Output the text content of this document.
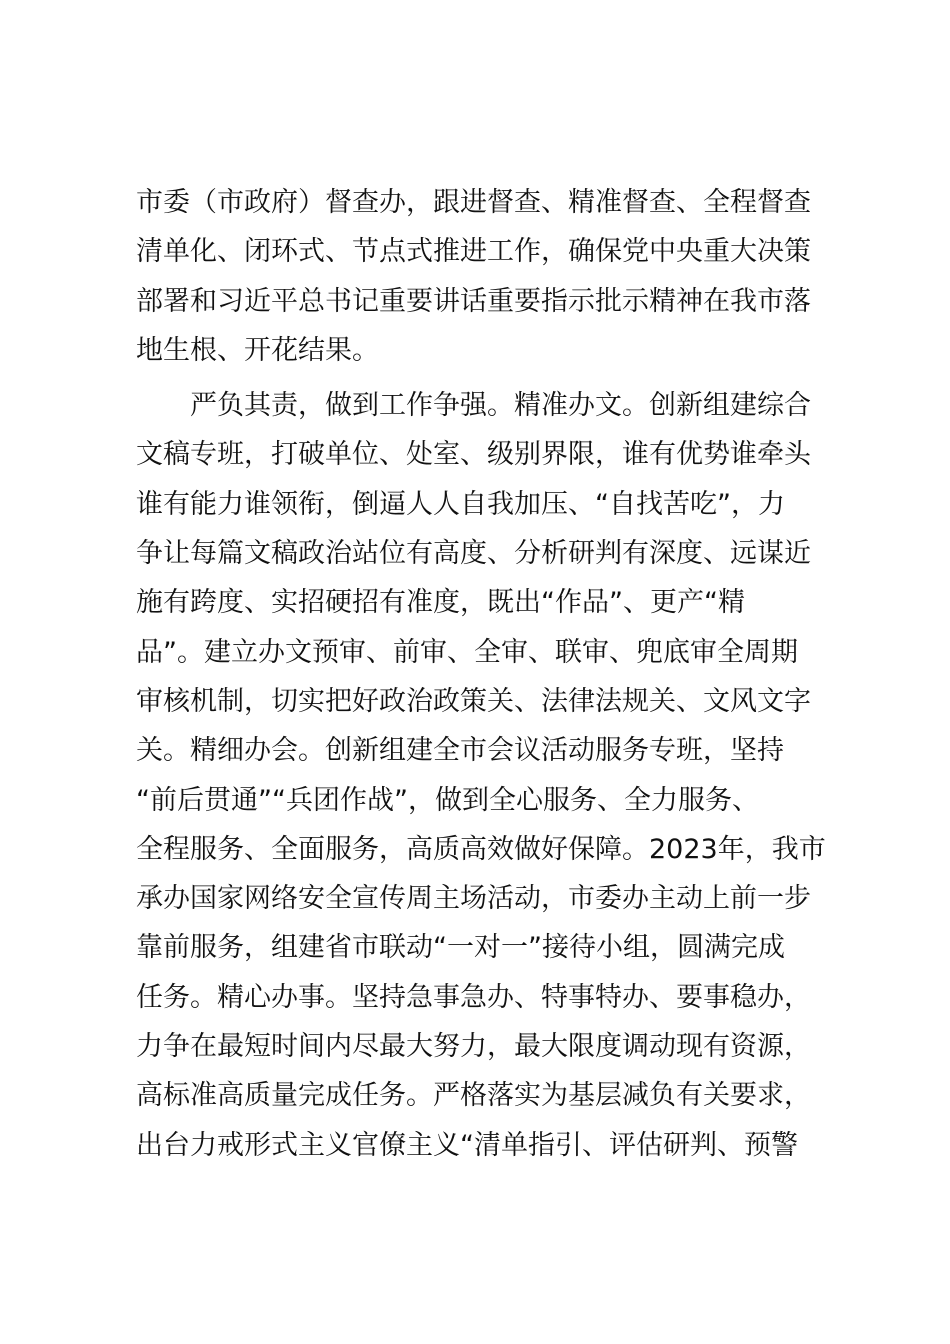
市委（市政府）督查办，跟进督查、精准督查、全程督查
清单化、闭环式、节点式推进工作，确保党中央重大决策
部署和习近平总书记重要讲话重要指示批示精神在我市落
地生根、开花结果。
　　严负其责，做到工作争强。精准办文。创新组建综合
文稿专班，打破单位、处室、级别界限，谁有优势谁牵头
谁有能力谁领衔，倒逼人人自我加压、“自找苦吃”，力
争让每篇文稿政治站位有高度、分析研判有深度、远谋近
施有跨度、实招硬招有准度，既出“作品”、更产“精
品”。建立办文预审、前审、全审、联审、兜底审全周期
审核机制，切实把好政治政策关、法律法规关、文风文字
关。精细办会。创新组建全市会议活动服务专班，坚持
“前后贯通”“兵团作战”，做到全心服务、全力服务、
全程服务、全面服务，高质高效做好保障。2023年，我市
承办国家网络安全宣传周主场活动，市委办主动上前一步
靠前服务，组建省市联动“一对一”接待小组，圆满完成
任务。精心办事。坚持急事急办、特事特办、要事稳办，
力争在最短时间内尽最大努力，最大限度调动现有资源，
高标准高质量完成任务。严格落实为基层减负有关要求，
出台力戒形式主义官僚主义“清单指引、评估研判、预警
